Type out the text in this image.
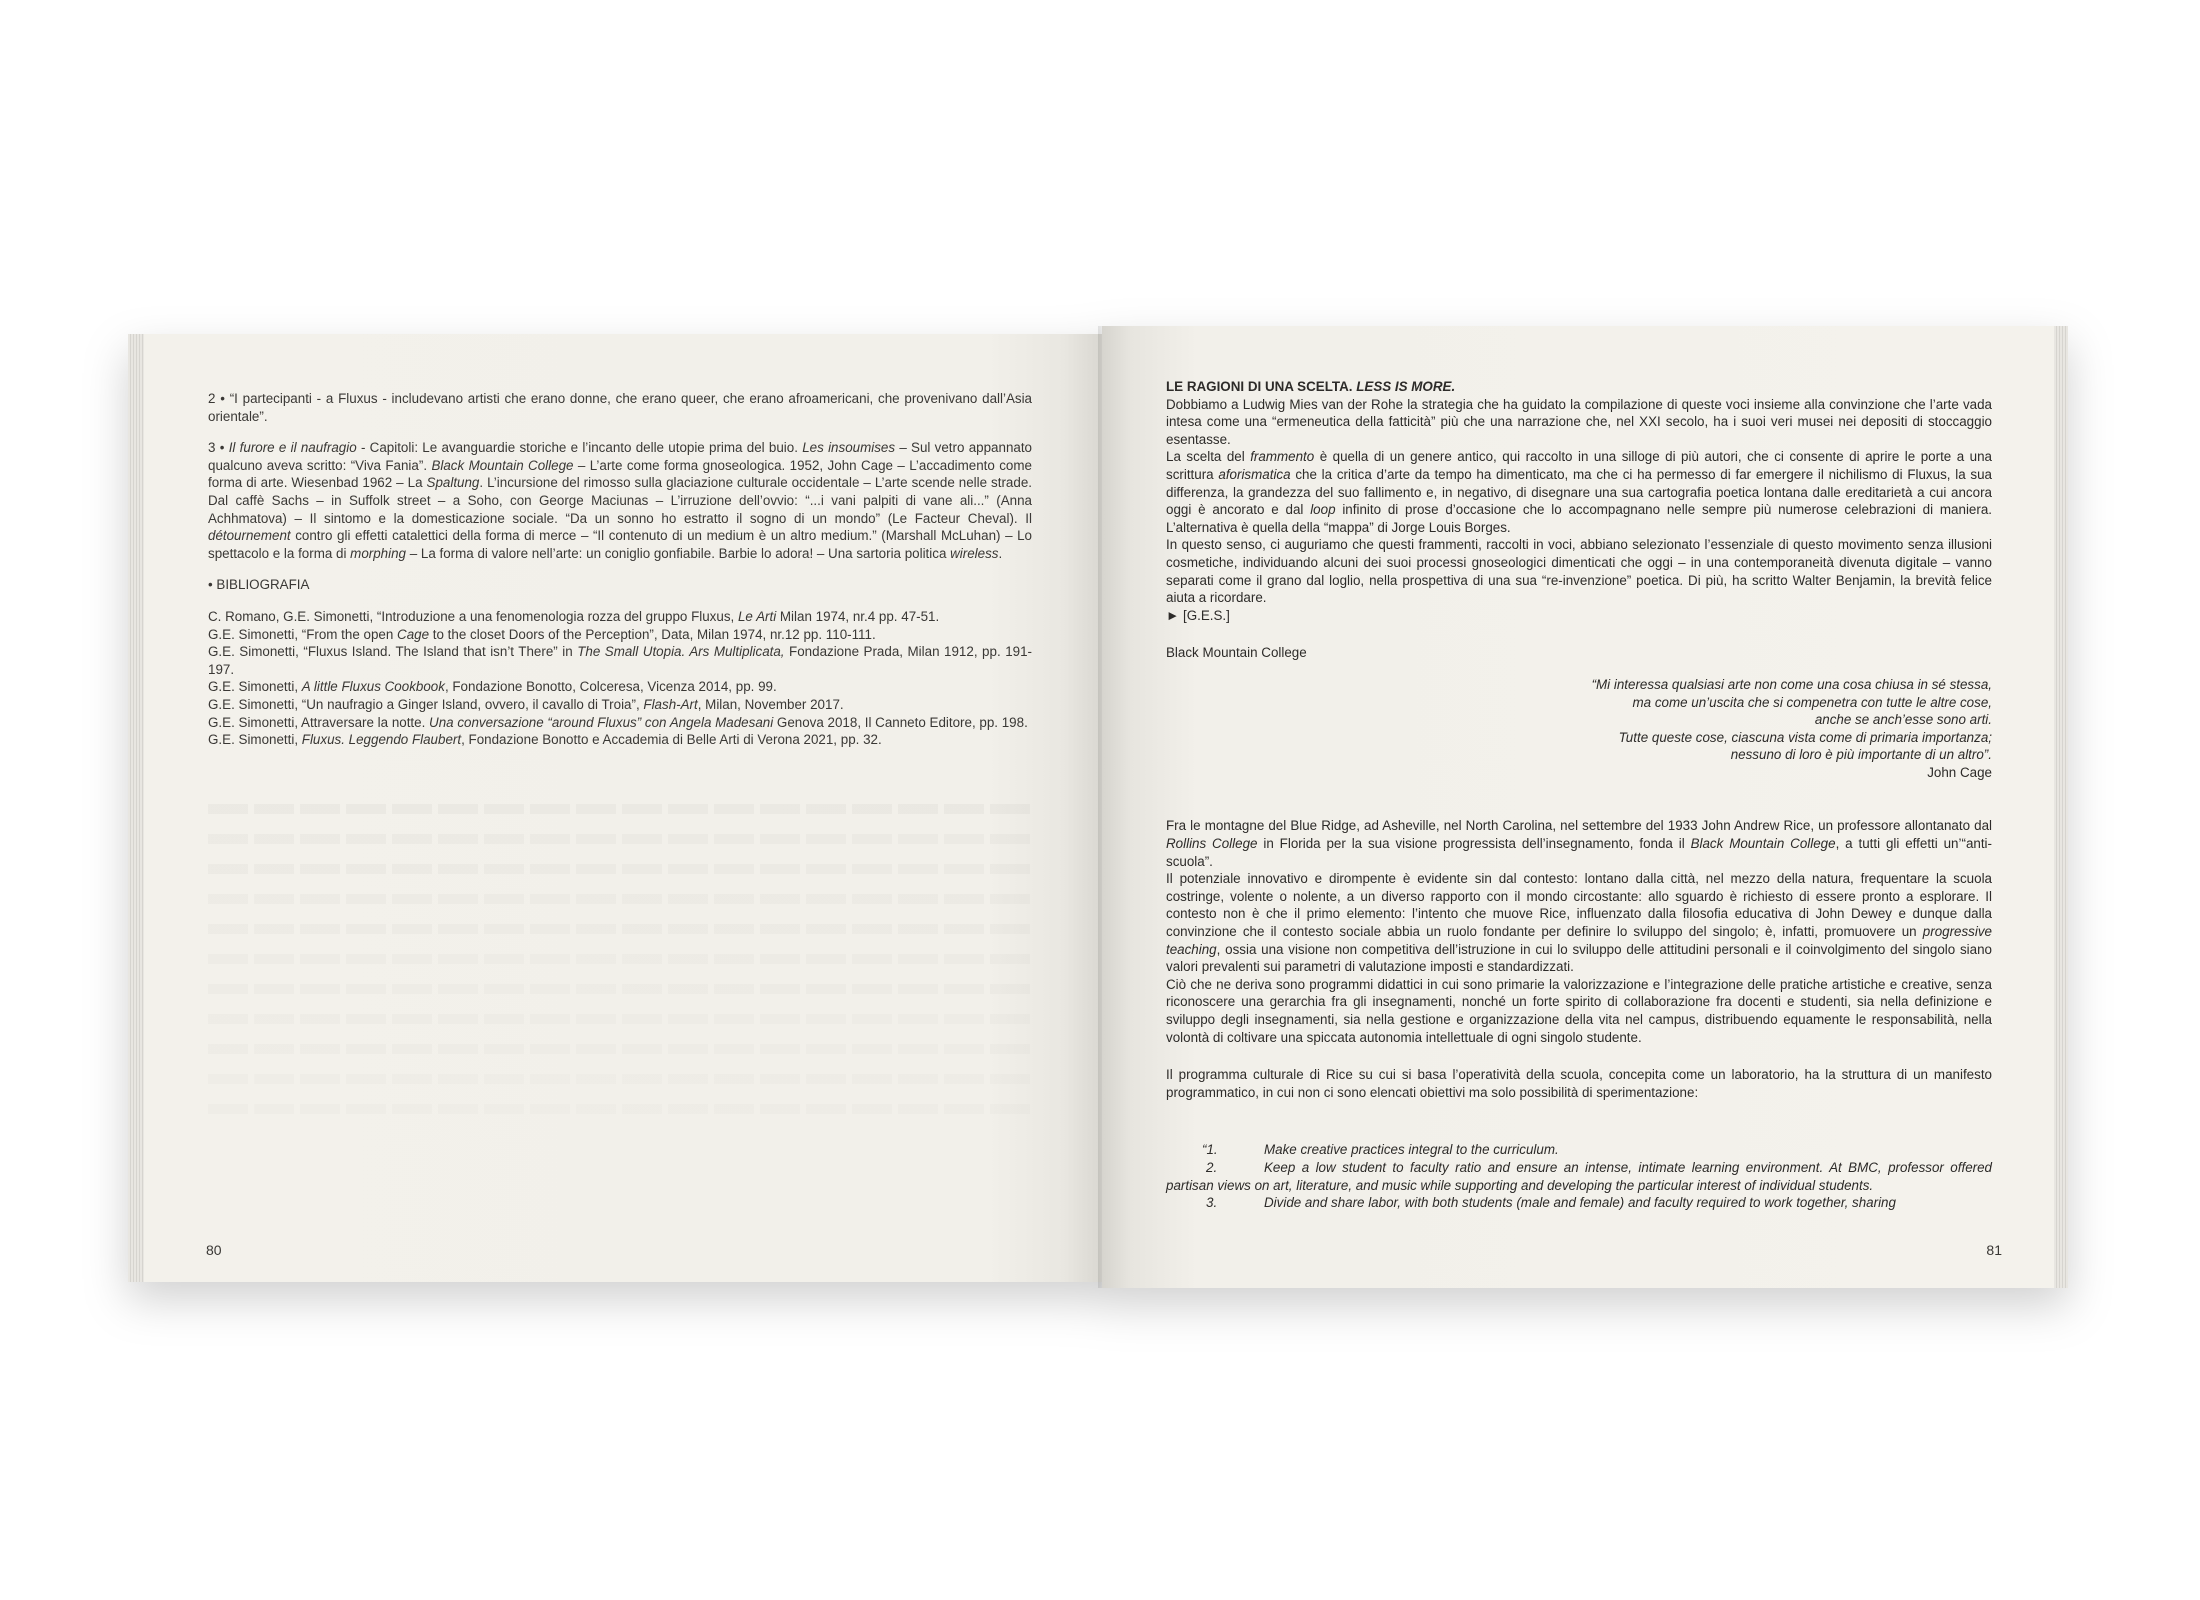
2 • “I partecipanti - a Fluxus - includevano artisti che erano donne, che erano queer, che erano afroamericani, che provenivano dall’Asia orientale”.

3 • Il furore e il naufragio - Capitoli: Le avanguardie storiche e l’incanto delle utopie prima del buio. Les insoumises – Sul vetro appannato qualcuno aveva scritto: “Viva Fania”. Black Mountain College – L’arte come forma gnoseologica. 1952, John Cage – L’accadimento come forma di arte. Wiesenbad 1962 – La Spaltung. L’incursione del rimosso sulla glaciazione culturale occidentale – L’arte scende nelle strade. Dal caffè Sachs – in Suffolk street – a Soho, con George Maciunas – L’irruzione dell’ovvio: “...i vani palpiti di vane ali...” (Anna Achhmatova) – Il sintomo e la domesticazione sociale. “Da un sonno ho estratto il sogno di un mondo” (Le Facteur Cheval). Il détournement contro gli effetti catalettici della forma di merce – “Il contenuto di un medium è un altro medium.” (Marshall McLuhan) – Lo spettacolo e la forma di morphing – La forma di valore nell’arte: un coniglio gonfiabile. Barbie lo adora! – Una sartoria politica wireless.

• BIBLIOGRAFIA

C. Romano, G.E. Simonetti, “Introduzione a una fenomenologia rozza del gruppo Fluxus, Le Arti Milan 1974, nr.4 pp. 47-51.
G.E. Simonetti, “From the open Cage to the closet Doors of the Perception”, Data, Milan 1974, nr.12 pp. 110-111.
G.E. Simonetti, “Fluxus Island. The Island that isn’t There” in The Small Utopia. Ars Multiplicata, Fondazione Prada, Milan 1912, pp. 191-197.
G.E. Simonetti, A little Fluxus Cookbook, Fondazione Bonotto, Colceresa, Vicenza 2014, pp. 99.
G.E. Simonetti, “Un naufragio a Ginger Island, ovvero, il cavallo di Troia”, Flash-Art, Milan, November 2017.
G.E. Simonetti, Attraversare la notte. Una conversazione “around Fluxus” con Angela Madesani Genova 2018, Il Canneto Editore, pp. 198.
G.E. Simonetti, Fluxus. Leggendo Flaubert, Fondazione Bonotto e Accademia di Belle Arti di Verona 2021, pp. 32.
80

LE RAGIONI DI UNA SCELTA. LESS IS MORE.

Dobbiamo a Ludwig Mies van der Rohe la strategia che ha guidato la compilazione di queste voci insieme alla convinzione che l’arte vada intesa come una “ermeneutica della fatticità” più che una narrazione che, nel XXI secolo, ha i suoi veri musei nei depositi di stoccaggio esentasse.

La scelta del frammento è quella di un genere antico, qui raccolto in una silloge di più autori, che ci consente di aprire le porte a una scrittura aforismatica che la critica d’arte da tempo ha dimenticato, ma che ci ha permesso di far emergere il nichilismo di Fluxus, la sua differenza, la grandezza del suo fallimento e, in negativo, di disegnare una sua cartografia poetica lontana dalle ereditarietà a cui ancora oggi è ancorato e dal loop infinito di prose d’occasione che lo accompagnano nelle sempre più numerose celebrazioni di maniera. L’alternativa è quella della “mappa” di Jorge Louis Borges.

In questo senso, ci auguriamo che questi frammenti, raccolti in voci, abbiano selezionato l’essenziale di questo movimento senza illusioni cosmetiche, individuando alcuni dei suoi processi gnoseologici dimenticati che oggi – in una contemporaneità divenuta digitale – vanno separati come il grano dal loglio, nella prospettiva di una sua “re-invenzione” poetica. Di più, ha scritto Walter Benjamin, la brevità felice aiuta a ricordare.

► [G.E.S.]

Black Mountain College

“Mi interessa qualsiasi arte non come una cosa chiusa in sé stessa,

ma come un’uscita che si compenetra con tutte le altre cose,

anche se anch’esse sono arti.

Tutte queste cose, ciascuna vista come di primaria importanza;

nessuno di loro è più importante di un altro”.

John Cage

Fra le montagne del Blue Ridge, ad Asheville, nel North Carolina, nel settembre del 1933 John Andrew Rice, un professore allontanato dal Rollins College in Florida per la sua visione progressista dell’insegnamento, fonda il Black Mountain College, a tutti gli effetti un’“anti-scuola”.

Il potenziale innovativo e dirompente è evidente sin dal contesto: lontano dalla città, nel mezzo della natura, frequentare la scuola costringe, volente o nolente, a un diverso rapporto con il mondo circostante: allo sguardo è richiesto di essere pronto a esplorare. Il contesto non è che il primo elemento: l’intento che muove Rice, influenzato dalla filosofia educativa di John Dewey e dunque dalla convinzione che il contesto sociale abbia un ruolo fondante per definire lo sviluppo del singolo; è, infatti, promuovere un progressive teaching, ossia una visione non competitiva dell’istruzione in cui lo sviluppo delle attitudini personali e il coinvolgimento del singolo siano valori prevalenti sui parametri di valutazione imposti e standardizzati.

Ciò che ne deriva sono programmi didattici in cui sono primarie la valorizzazione e l’integrazione delle pratiche artistiche e creative, senza riconoscere una gerarchia fra gli insegnamenti, nonché un forte spirito di collaborazione fra docenti e studenti, sia nella definizione e sviluppo degli insegnamenti, sia nella gestione e organizzazione della vita nel campus, distribuendo equamente le responsabilità, nella volontà di coltivare una spiccata autonomia intellettuale di ogni singolo studente.

Il programma culturale di Rice su cui si basa l’operatività della scuola, concepita come un laboratorio, ha la struttura di un manifesto programmatico, in cui non ci sono elencati obiettivi ma solo possibilità di sperimentazione:

“1.	Make creative practices integral to the curriculum.
2.	Keep a low student to faculty ratio and ensure an intense, intimate learning environment. At BMC, professor offered partisan views on art, literature, and music while supporting and developing the particular interest of individual students.
3.	Divide and share labor, with both students (male and female) and faculty required to work together, sharing
81
